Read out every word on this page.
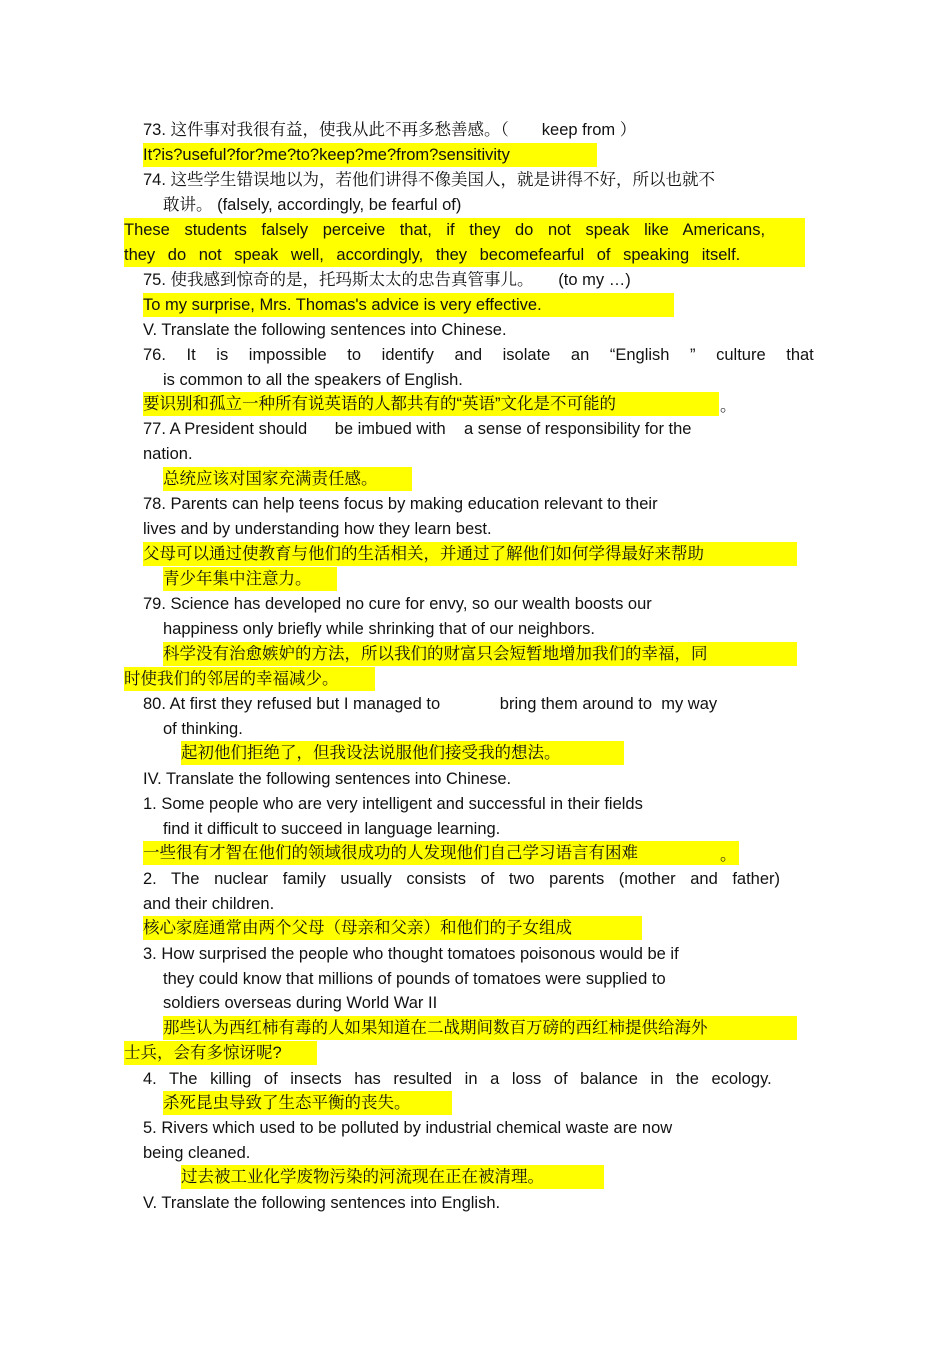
73. 这件事对我很有益，使我从此不再多愁善感。（　　keep from ）
It?is?useful?for?me?to?keep?me?from?sensitivity
74. 这些学生错误地以为，若他们讲得不像美国人，就是讲得不好，所以也就不
敢讲。 (falsely, accordingly, be fearful of)
These students falsely perceive that, if they do not speak like Americans,
they do not speak well, accordingly, they becomefearful of speaking itself.
75. 使我感到惊奇的是，托玛斯太太的忠告真管事儿。　　(to my …)
To my surprise, Mrs. Thomas's advice is very effective.
V. Translate the following sentences into Chinese.
76. It is impossible to identify and isolate an “English ” culture that
is common to all the speakers of English.
要识别和孤立一种所有说英语的人都共有的“英语”文化是不可能的	。
77. A President should      be imbued with    a sense of responsibility for the
nation.
总统应该对国家充满责任感。
78. Parents can help teens focus by making education relevant to their
lives and by understanding how they learn best.
父母可以通过使教育与他们的生活相关，并通过了解他们如何学得最好来帮助
青少年集中注意力。
79. Science has developed no cure for envy, so our wealth boosts our
happiness only briefly while shrinking that of our neighbors.
科学没有治愈嫉妒的方法，所以我们的财富只会短暂地增加我们的幸福，同
时使我们的邻居的幸福减少。
80. At first they refused but I managed to             bring them around to  my way
of thinking.
起初他们拒绝了，但我设法说服他们接受我的想法。
IV. Translate the following sentences into Chinese.
1. Some people who are very intelligent and successful in their fields
find it difficult to succeed in language learning.
一些很有才智在他们的领域很成功的人发现他们自己学习语言有困难	。
2. The nuclear family usually consists of two parents (mother and father)
and their children.
核心家庭通常由两个父母（母亲和父亲）和他们的子女组成
3. How surprised the people who thought tomatoes poisonous would be if
they could know that millions of pounds of tomatoes were supplied to
soldiers overseas during World War II
那些认为西红柿有毒的人如果知道在二战期间数百万磅的西红柿提供给海外
士兵，会有多惊讶呢?
4. The killing of insects has resulted in a loss of balance in the ecology.
杀死昆虫导致了生态平衡的丧失。
5. Rivers which used to be polluted by industrial chemical waste are now
being cleaned.
过去被工业化学废物污染的河流现在正在被清理。
V. Translate the following sentences into English.
